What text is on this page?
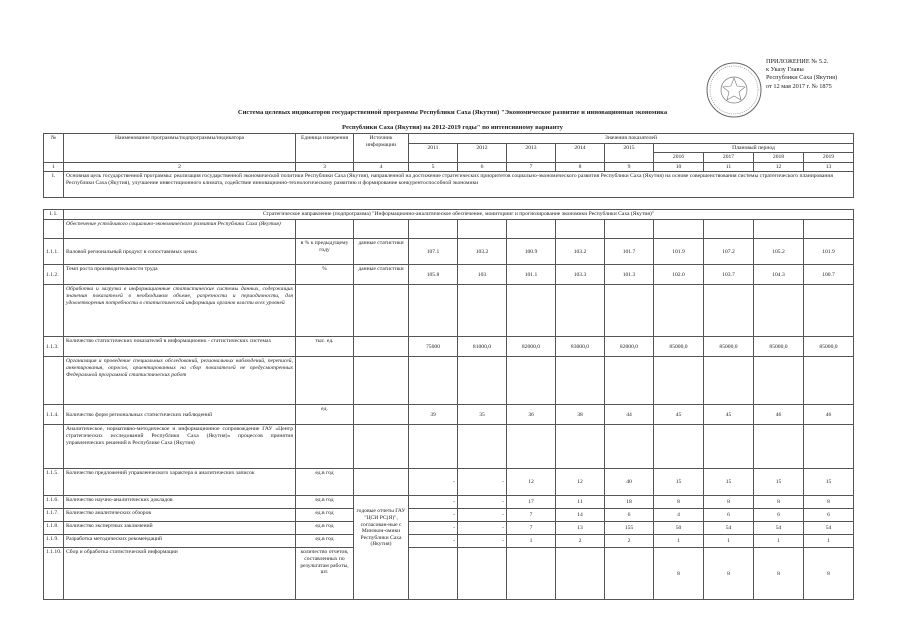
ПРИЛОЖЕНИЕ № 5.2.
к Указу Главы
Республики Саха (Якутия)
от 12 мая 2017 г. № 1875
Система целевых индикаторов государственной программы Республики Саха (Якутия) "Экономическое развитие и инновационная экономика
Республики Саха (Якутия) на 2012-2019 годы" по интенсивному варианту
№	Наименование программы/подпрограммы/индикатора	Единица измерения	Источник информации	Значения показателей								
				2011	2012	2013	2014	2015	Плановый период			
									2016	2017	2018	2019
1	2	3	4	5	6	7	8	9	10	11	12	13
I.	Основная цель государственной программы: реализация государственной экономической политики Республики Саха (Якутия), направленной на достижение стратегических приоритетов социально-экономического развития Республики Саха (Якутия) на основе совершенствования системы стратегического планирования Республики Саха (Якутия), улучшение инвестиционного климата, содействие инновационно-технологическому развитию и формирование конкурентоспособной экономики											

1.1.	Стратегическое направление (подпрограмма) "Информационно-аналитическое обеспечение, мониторинг и прогнозирование экономики Республики Саха (Якутия)"											
	Обеспечение устойчивого социально-экономического развития Республики Саха (Якутия)											
1.1.1.	Валовой региональный продукт в сопоставимых ценах	в % к предыдущему году	данные статистики	107.1	103.2	100.9	103.2	101.7	101.9	107.2	105.2	101.9
1.1.2.	Темп роста производительности труда	%	данные статистики	105.8	103	101.1	103.3	101.3	102.0	103.7	104.3	100.7
	Обработка и загрузка в информационные статистические системы данных, содержащих значения показателей в необходимом объеме, разрезности и периодичности, для удовлетворения потребности в статистической информации органов власти всех уровней											
1.1.3.	Количество статистических показателей в информационно - статистических системах	тыс. ед.		75000	81000,0	82000,0	83000,0	82000,0	85000,0	85000,0	85000,0	85000,0
	Организация и проведение специальных обследований, региональных наблюдений, переписей, анкетирования, опросов, ориентированных на сбор показателей не предусмотренных Федеральной программой статистических работ											
1.1.4.	Количество форм региональных статистических наблюдений	ед.		39	35	36	38	44	45	45	46	46
	Аналитическое, нормативно-методическое и информационное сопровождение ГАУ «Центр стратегических исследований Республики Саха (Якутия)» процессов принятия управленческих решений в Республике Саха (Якутия)											
1.1.5.	Количество предложений управленческого характера и аналитических записок	ед.в год		-	-	12	12	40	15	15	15	15
1.1.6.	Количество научно-аналитических докладов	ед.в год	годовые отчеты ГАУ "ЦСИ РС(Я)", согласован-ные с Минэкон-омики Республики Саха (Якутия)	-	-	17	11	18	8	8	8	8
1.1.7.	Количество аналитических обзоров	ед.в год		-	-	7	14	6	4	6	6	6
1.1.8.	Количество экспертных заключений	ед.в год		-	-	7	13	155	50	54	54	54
1.1.9.	Разработка методических рекомендаций	ед.в год		-	-	1	2	2	1	1	1	1
1.1.10.	Сбор и обработка статистической информации	количество отчетов, составленных по результатам работы, шт.							8	8	8	8
